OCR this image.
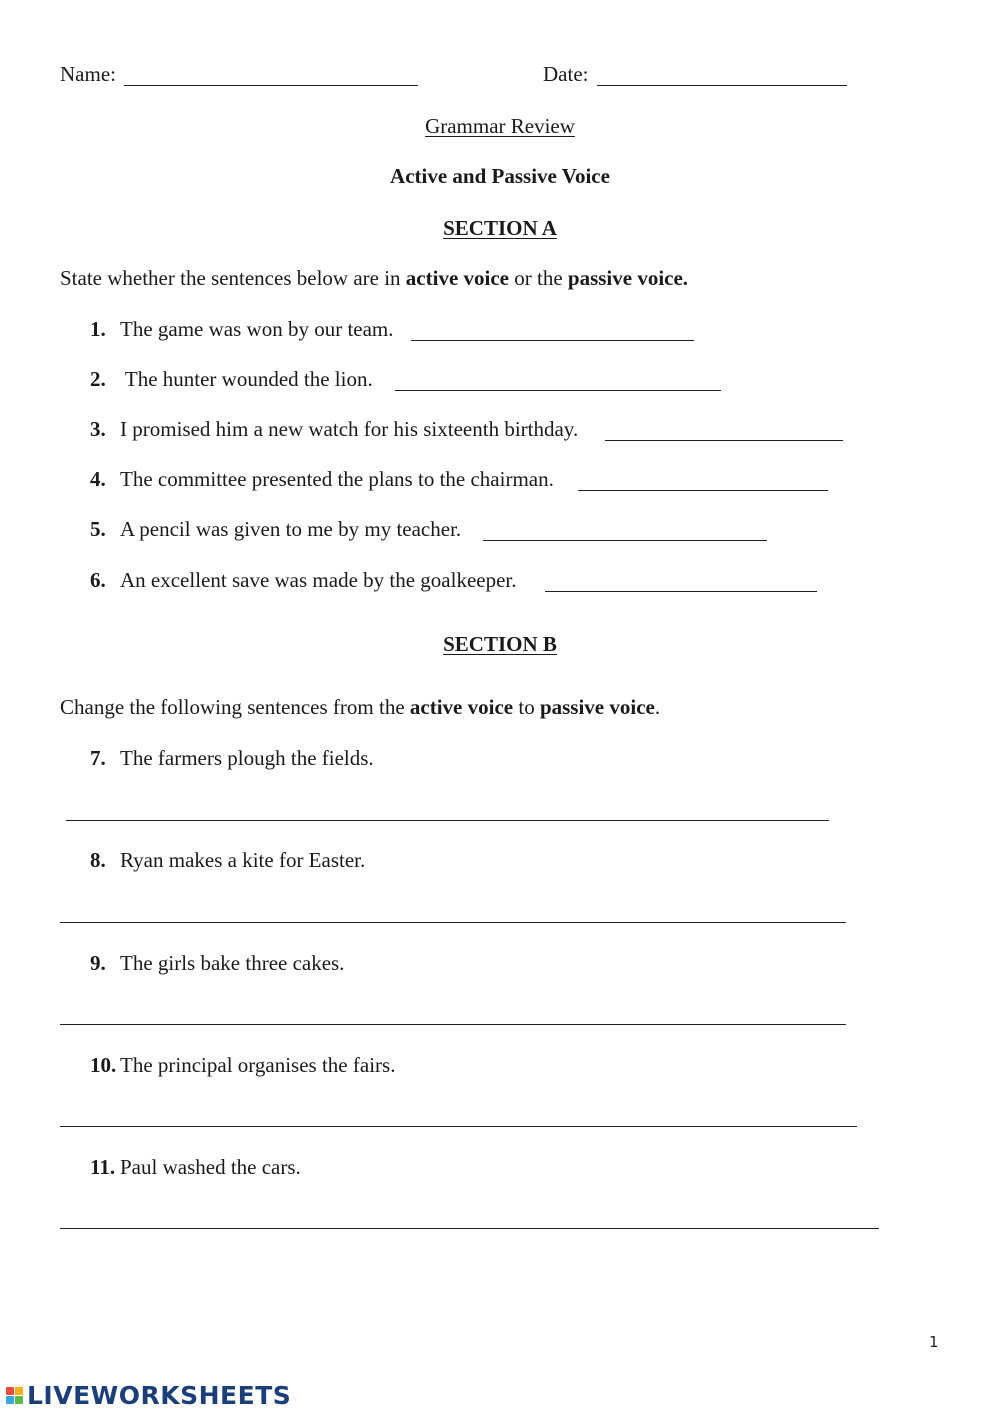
Name:	Date:
Grammar Review
Active and Passive Voice
SECTION A
State whether the sentences below are in active voice or the passive voice.
1. The game was won by our team.
2. The hunter wounded the lion.
3. I promised him a new watch for his sixteenth birthday.
4. The committee presented the plans to the chairman.
5. A pencil was given to me by my teacher.
6. An excellent save was made by the goalkeeper.
SECTION B
Change the following sentences from the active voice to passive voice.
7. The farmers plough the fields.
8. Ryan makes a kite for Easter.
9. The girls bake three cakes.
10. The principal organises the fairs.
11. Paul washed the cars.
1
LIVEWORKSHEETS
